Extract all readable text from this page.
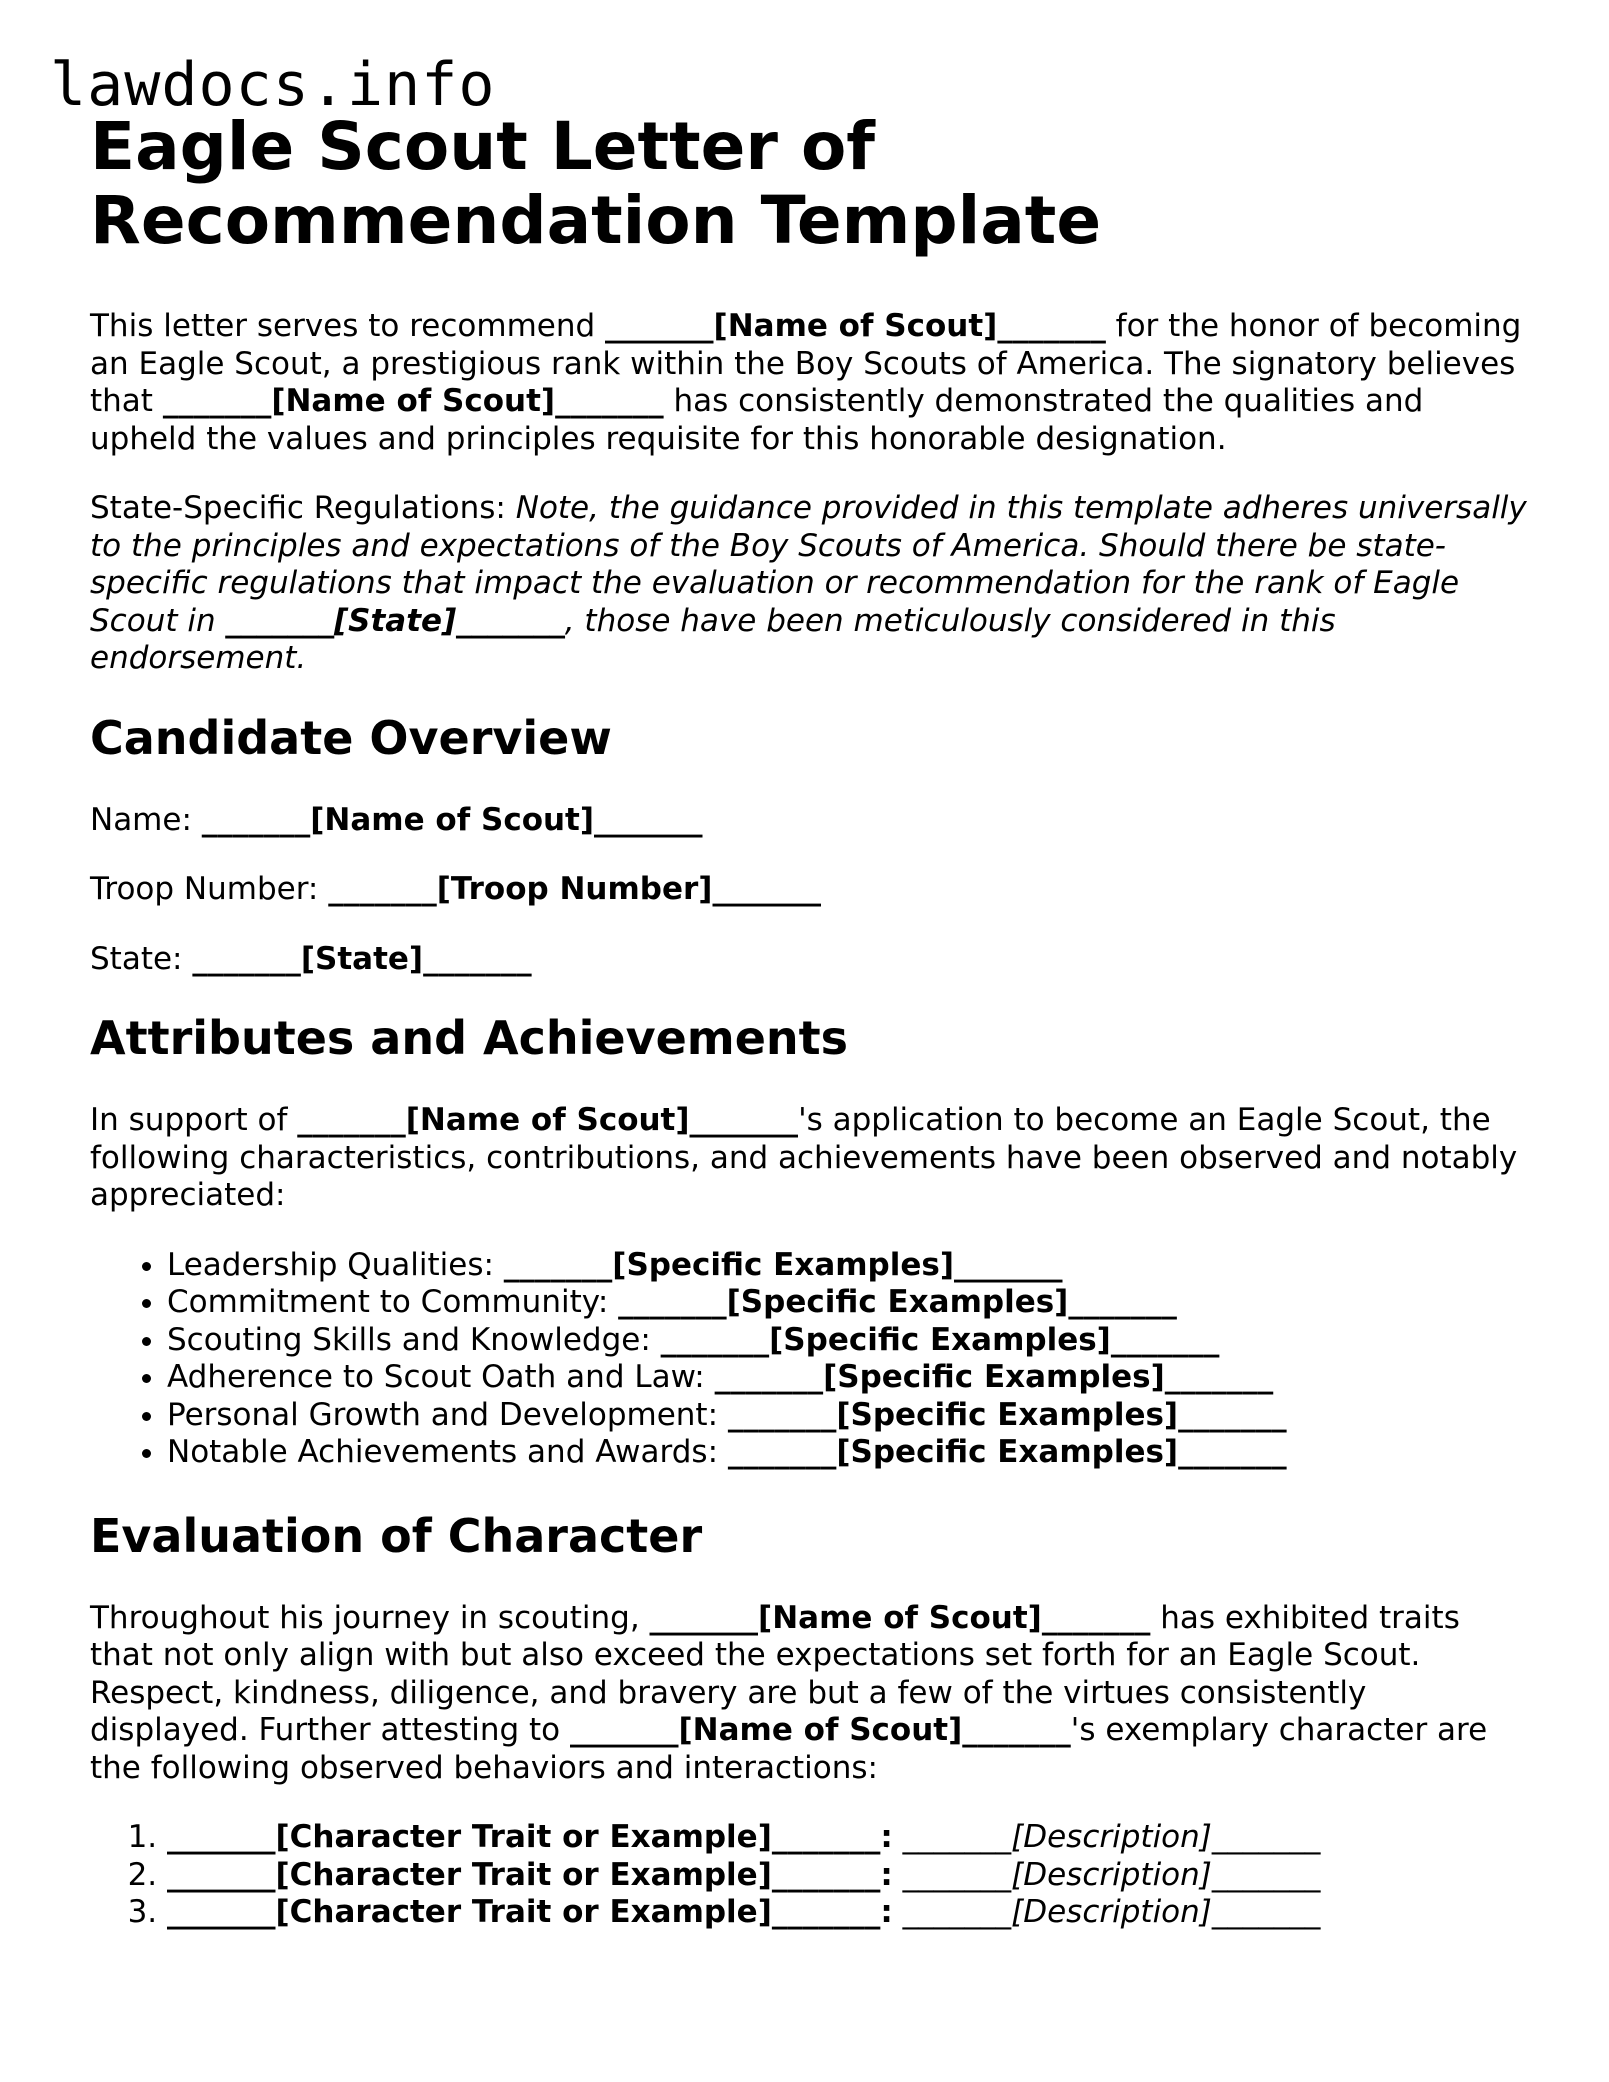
lawdocs.info
Eagle Scout Letter of Recommendation Template

This letter serves to recommend _______[Name of Scout]_______ for the honor of becoming an Eagle Scout, a prestigious rank within the Boy Scouts of America. The signatory believes that _______[Name of Scout]_______ has consistently demonstrated the qualities and upheld the values and principles requisite for this honorable designation.

State-Specific Regulations: Note, the guidance provided in this template adheres universally to the principles and expectations of the Boy Scouts of America. Should there be state-specific regulations that impact the evaluation or recommendation for the rank of Eagle Scout in _______[State]_______, those have been meticulously considered in this endorsement.

Candidate Overview

Name: _______[Name of Scout]_______

Troop Number: _______[Troop Number]_______

State: _______[State]_______

Attributes and Achievements

In support of _______[Name of Scout]_______'s application to become an Eagle Scout, the following characteristics, contributions, and achievements have been observed and notably appreciated:

• Leadership Qualities: _______[Specific Examples]_______
• Commitment to Community: _______[Specific Examples]_______
• Scouting Skills and Knowledge: _______[Specific Examples]_______
• Adherence to Scout Oath and Law: _______[Specific Examples]_______
• Personal Growth and Development: _______[Specific Examples]_______
• Notable Achievements and Awards: _______[Specific Examples]_______
Evaluation of Character

Throughout his journey in scouting, _______[Name of Scout]_______ has exhibited traits that not only align with but also exceed the expectations set forth for an Eagle Scout. Respect, kindness, diligence, and bravery are but a few of the virtues consistently displayed. Further attesting to _______[Name of Scout]_______'s exemplary character are the following observed behaviors and interactions:

1. _______[Character Trait or Example]_______: _______[Description]_______
2. _______[Character Trait or Example]_______: _______[Description]_______
3. _______[Character Trait or Example]_______: _______[Description]_______
